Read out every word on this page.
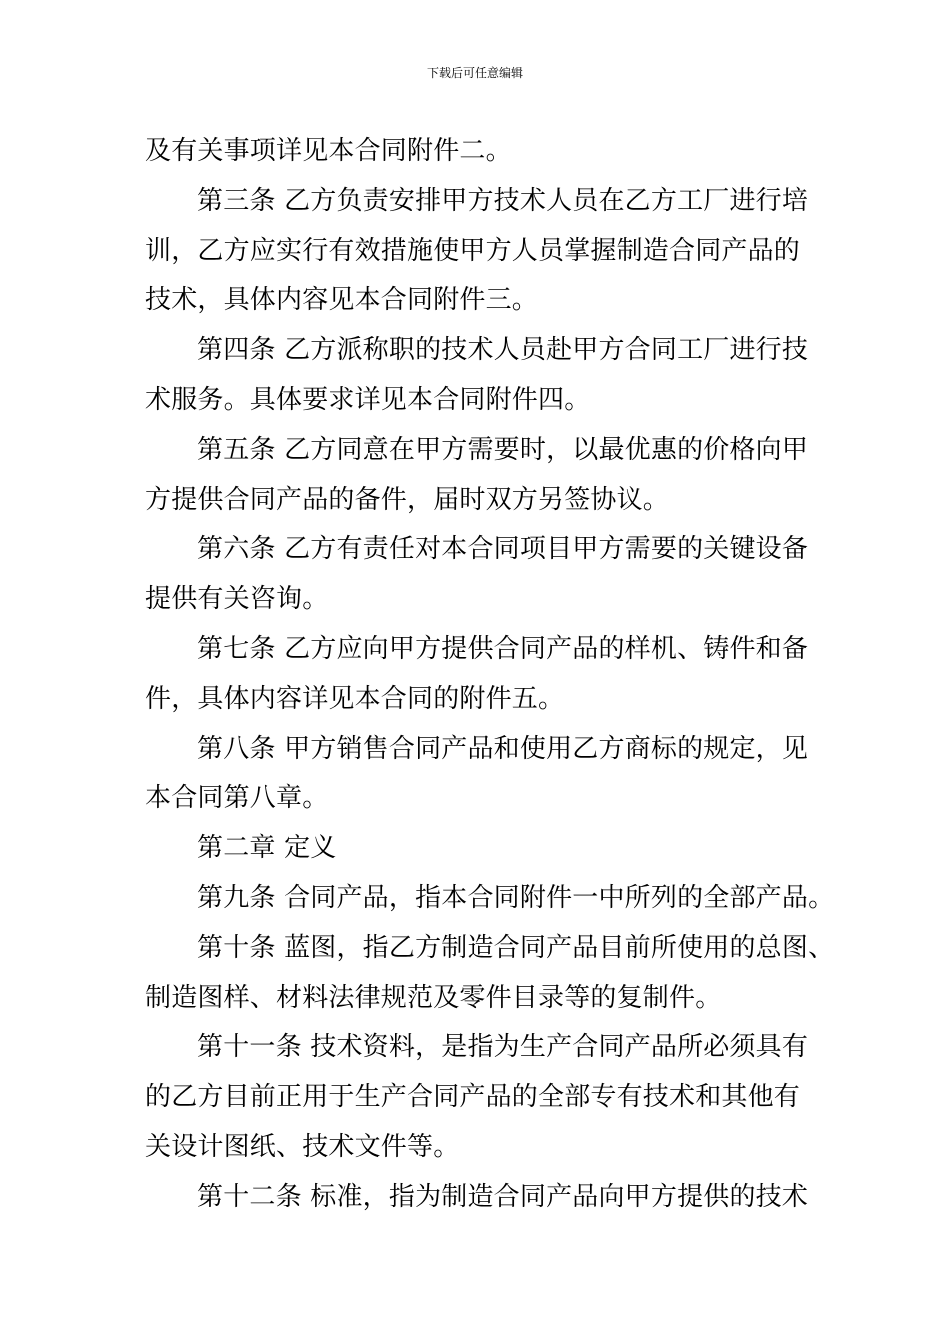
下载后可任意编辑
及有关事项详见本合同附件二。
第三条 乙方负责安排甲方技术人员在乙方工厂进行培
训，乙方应实行有效措施使甲方人员掌握制造合同产品的
技术，具体内容见本合同附件三。
第四条 乙方派称职的技术人员赴甲方合同工厂进行技
术服务。具体要求详见本合同附件四。
第五条 乙方同意在甲方需要时，以最优惠的价格向甲
方提供合同产品的备件，届时双方另签协议。
第六条 乙方有责任对本合同项目甲方需要的关键设备
提供有关咨询。
第七条 乙方应向甲方提供合同产品的样机、铸件和备
件，具体内容详见本合同的附件五。
第八条 甲方销售合同产品和使用乙方商标的规定，见
本合同第八章。
第二章 定义
第九条 合同产品，指本合同附件一中所列的全部产品。
第十条 蓝图，指乙方制造合同产品目前所使用的总图、
制造图样、材料法律规范及零件目录等的复制件。
第十一条 技术资料，是指为生产合同产品所必须具有
的乙方目前正用于生产合同产品的全部专有技术和其他有
关设计图纸、技术文件等。
第十二条 标准，指为制造合同产品向甲方提供的技术
